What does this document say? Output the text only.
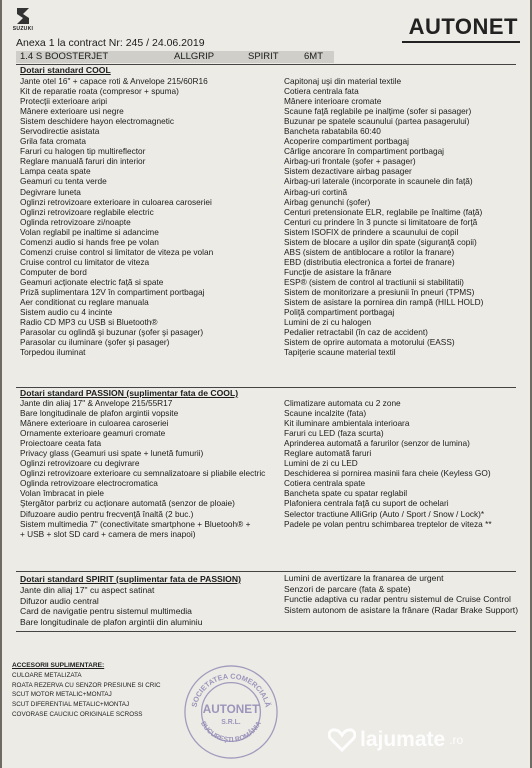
SUZUKI	AUTONET
Anexa 1 la contract Nr: 245 / 24.06.2019
1.4 S BOOSTERJET	ALLGRIP	SPIRIT	6MT
Dotari standard COOL
Jante otel 16" + capace roti & Anvelope 215/60R16
Kit de reparatie roata (compresor + spuma)
Protecții exterioare aripi
Mânere exterioare usi negre
Sistem deschidere hayon electromagnetic
Servodirectie asistata
Grila fata cromata
Faruri cu halogen tip multireflector
Reglare manuală faruri din interior
Lampa ceata spate
Geamuri cu tenta verde
Degivrare luneta
Oglinzi retrovizoare exterioare in culoarea caroseriei
Oglinzi retrovizoare reglabile electric
Oglinda retrovizoare zi/noapte
Volan reglabil pe inaltime si adancime
Comenzi audio si hands free pe volan
Comenzi cruise control si limitator de viteza pe volan
Cruise control cu limitator de viteza
Computer de bord
Geamuri acționate electric față si spate
Priză suplimentara 12V în compartiment portbagaj
Aer conditionat cu reglare manuala
Sistem audio cu 4 incinte
Radio CD MP3 cu USB si Bluetooth®
Parasolar cu oglindă şi buzunar (şofer şi pasager)
Parasolar cu iluminare (şofer şi pasager)
Torpedou iluminat
Capitonaj uşi din material textile
Cotiera centrala fata
Mânere interioare cromate
Scaune faţă reglabile pe inalţime (sofer si pasager)
Buzunar pe spatele scaunului (partea pasagerului)
Bancheta rabatabila 60:40
Acoperire compartiment portbagaj
Cârlige ancorare în compartiment portbagaj
Airbag-uri frontale (şofer + pasager)
Sistem dezactivare airbag pasager
Airbag-uri laterale (incorporate in scaunele din față)
Airbag-uri cortină
Airbag genunchi (şofer)
Centuri pretensionate ELR, reglabile pe înaltime (faţă)
Centuri cu prindere în 3 puncte si limitatoare de forţă
Sistem ISOFIX de prindere a scaunului de copil
Sistem de blocare a uşilor din spate (siguranţă copii)
ABS (sistem de antiblocare a rotilor la franare)
EBD (distributia electronica a fortei de franare)
Funcţie de asistare la frânare
ESP® (sistem de control al tractiunii si stabilitatii)
Sistem de monitorizare a presiunii în pneuri (TPMS)
Sistem de asistare la pornirea din rampă (HILL HOLD)
Poliţă compartiment portbagaj
Lumini de zi cu halogen
Pedalier retractabil (în caz de accident)
Sistem de oprire automata a motorului (EASS)
Tapiţerie scaune material textil
Dotari standard PASSION (suplimentar fata de COOL)
Jante din aliaj 17" & Anvelope 215/55R17
Bare longitudinale de plafon argintii vopsite
Mânere exterioare in culoarea caroseriei
Ornamente exterioare geamuri cromate
Proiectoare ceata fata
Privacy glass (Geamuri usi spate + lunetă fumurii)
Oglinzi retrovizoare cu degivrare
Oglinzi retrovizoare exterioare cu semnalizatoare si pliabile electric
Oglinda retrovizoare electrocromatica
Volan îmbracat in piele
Ştergător parbriz cu acționare automată (senzor de ploaie)
Difuzoare audio pentru frecvenţă înaltă (2 buc.)
Sistem multimedia 7" (conectivitate smartphone + Bluetooh® +
+ USB + slot SD card + camera de mers inapoi)
Climatizare automata cu 2 zone
Scaune incalzite (fata)
Kit iluminare ambientala interioara
Faruri cu LED (faza scurta)
Aprinderea automată a farurilor (senzor de lumina)
Reglare automată faruri
Lumini de zi cu LED
Deschiderea si pornirea masinii fara cheie (Keyless GO)
Cotiera centrala spate
Bancheta spate cu spatar reglabil
Plafoniera centrala faţă cu suport de ochelari
Selector tractiune AlliGrip (Auto / Sport / Snow / Lock)*
Padele pe volan pentru schimbarea treptelor de viteza **
Dotari standard SPIRIT (suplimentar fata de PASSION)
Jante din aliaj 17" cu aspect satinat
Difuzor audio central
Card de navigatie pentru sistemul multimedia
Bare longitudinale de plafon argintii din aluminiu
Lumini de avertizare la franarea de urgent
Senzori de parcare (fata & spate)
Functie adaptiva cu radar pentru sistemul de Cruise Control
Sistem autonom de asistare la frânare (Radar Brake Support)
ACCESORII SUPLIMENTARE:
CULOARE METALIZATA
ROATA REZERVA CU SENZOR PRESIUNE SI CRIC
SCUT MOTOR METALIC+MONTAJ
SCUT DIFERENTIAL METALIC+MONTAJ
COVORASE CAUCIUC ORIGINALE SCROSS
SOCIETATEA COMERCIALĂ
BUCUREŞTI ROMÂNIA
AUTONET
S.R.L.
lajumate .ro
